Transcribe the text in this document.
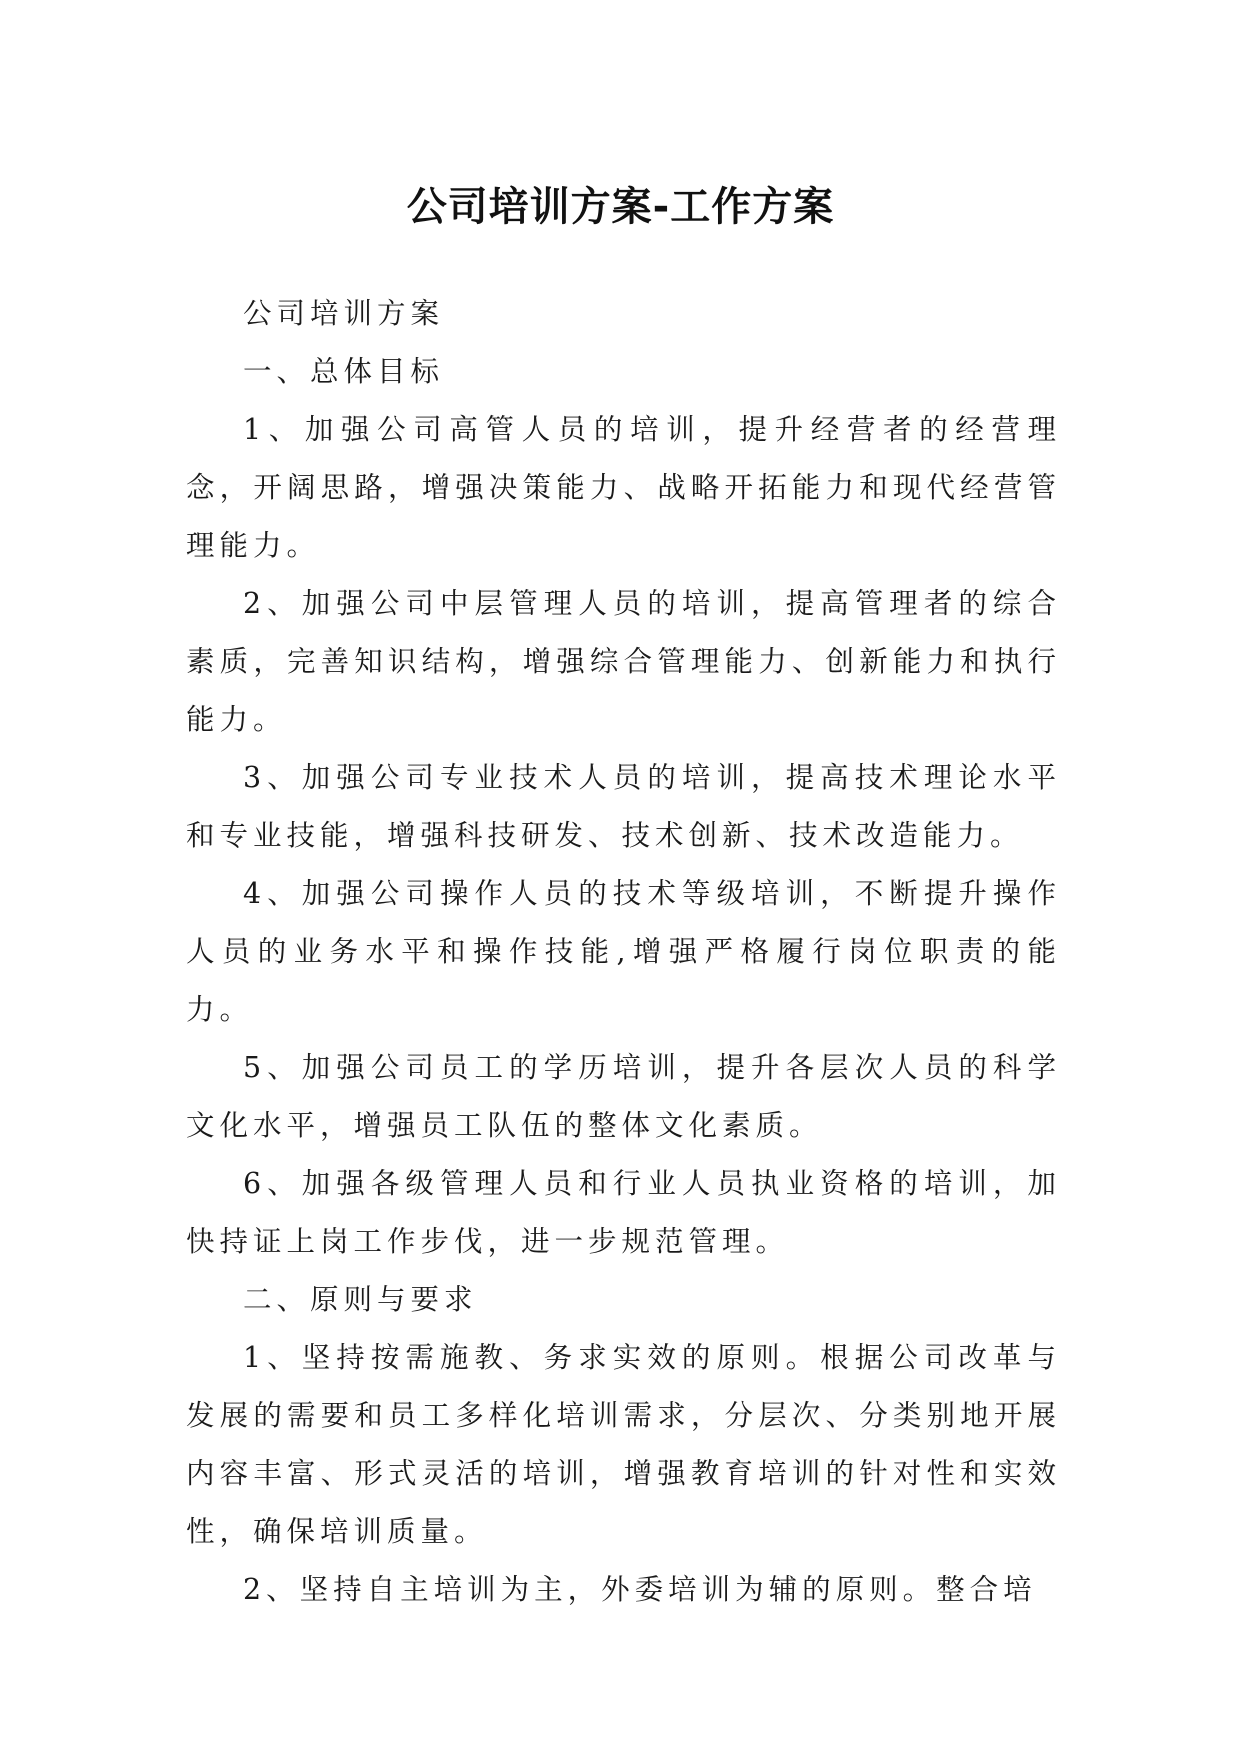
公司培训方案-工作方案

公司培训方案

一、总体目标

1、加强公司高管人员的培训，提升经营者的经营理念，开阔思路，增强决策能力、战略开拓能力和现代经营管理能力。

2、加强公司中层管理人员的培训，提高管理者的综合素质，完善知识结构，增强综合管理能力、创新能力和执行能力。

3、加强公司专业技术人员的培训，提高技术理论水平和专业技能，增强科技研发、技术创新、技术改造能力。

4、加强公司操作人员的技术等级培训，不断提升操作人员的业务水平和操作技能,增强严格履行岗位职责的能力。

5、加强公司员工的学历培训，提升各层次人员的科学文化水平，增强员工队伍的整体文化素质。

6、加强各级管理人员和行业人员执业资格的培训，加快持证上岗工作步伐，进一步规范管理。

二、原则与要求

1、坚持按需施教、务求实效的原则。根据公司改革与发展的需要和员工多样化培训需求，分层次、分类别地开展内容丰富、形式灵活的培训，增强教育培训的针对性和实效性，确保培训质量。

2、坚持自主培训为主，外委培训为辅的原则。整合培
